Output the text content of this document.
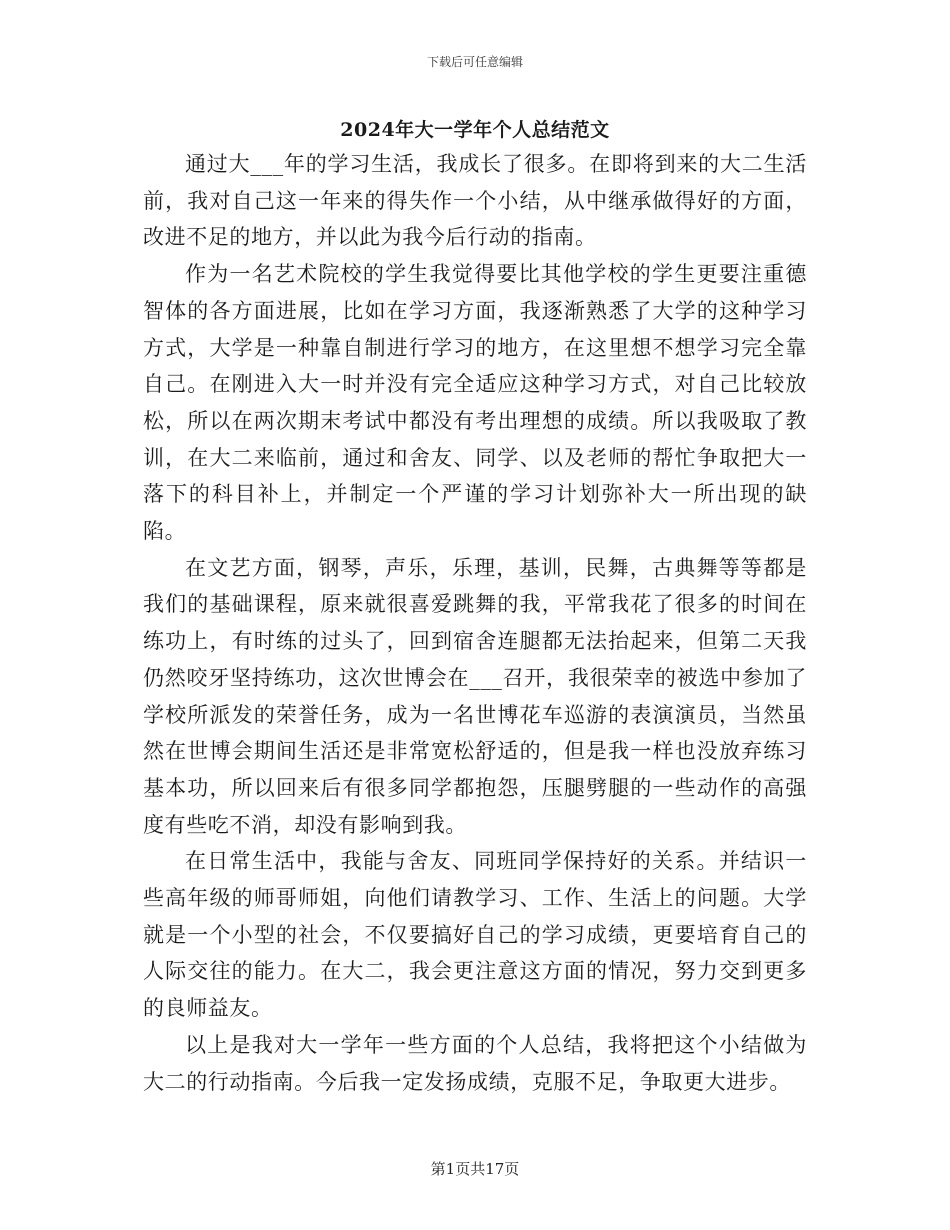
下载后可任意编辑
2024年大一学年个人总结范文

通过大___年的学习生活，我成长了很多。在即将到来的大二生活前，我对自己这一年来的得失作一个小结，从中继承做得好的方面，改进不足的地方，并以此为我今后行动的指南。

作为一名艺术院校的学生我觉得要比其他学校的学生更要注重德智体的各方面进展，比如在学习方面，我逐渐熟悉了大学的这种学习方式，大学是一种靠自制进行学习的地方，在这里想不想学习完全靠自己。在刚进入大一时并没有完全适应这种学习方式，对自己比较放松，所以在两次期末考试中都没有考出理想的成绩。所以我吸取了教训，在大二来临前，通过和舍友、同学、以及老师的帮忙争取把大一落下的科目补上，并制定一个严谨的学习计划弥补大一所出现的缺陷。

在文艺方面，钢琴，声乐，乐理，基训，民舞，古典舞等等都是我们的基础课程，原来就很喜爱跳舞的我，平常我花了很多的时间在练功上，有时练的过头了，回到宿舍连腿都无法抬起来，但第二天我仍然咬牙坚持练功，这次世博会在___召开，我很荣幸的被选中参加了学校所派发的荣誉任务，成为一名世博花车巡游的表演演员，当然虽然在世博会期间生活还是非常宽松舒适的，但是我一样也没放弃练习基本功，所以回来后有很多同学都抱怨，压腿劈腿的一些动作的高强度有些吃不消，却没有影响到我。

在日常生活中，我能与舍友、同班同学保持好的关系。并结识一些高年级的师哥师姐，向他们请教学习、工作、生活上的问题。大学就是一个小型的社会，不仅要搞好自己的学习成绩，更要培育自己的人际交往的能力。在大二，我会更注意这方面的情况，努力交到更多的良师益友。

以上是我对大一学年一些方面的个人总结，我将把这个小结做为大二的行动指南。今后我一定发扬成绩，克服不足，争取更大进步。

第1页共17页
